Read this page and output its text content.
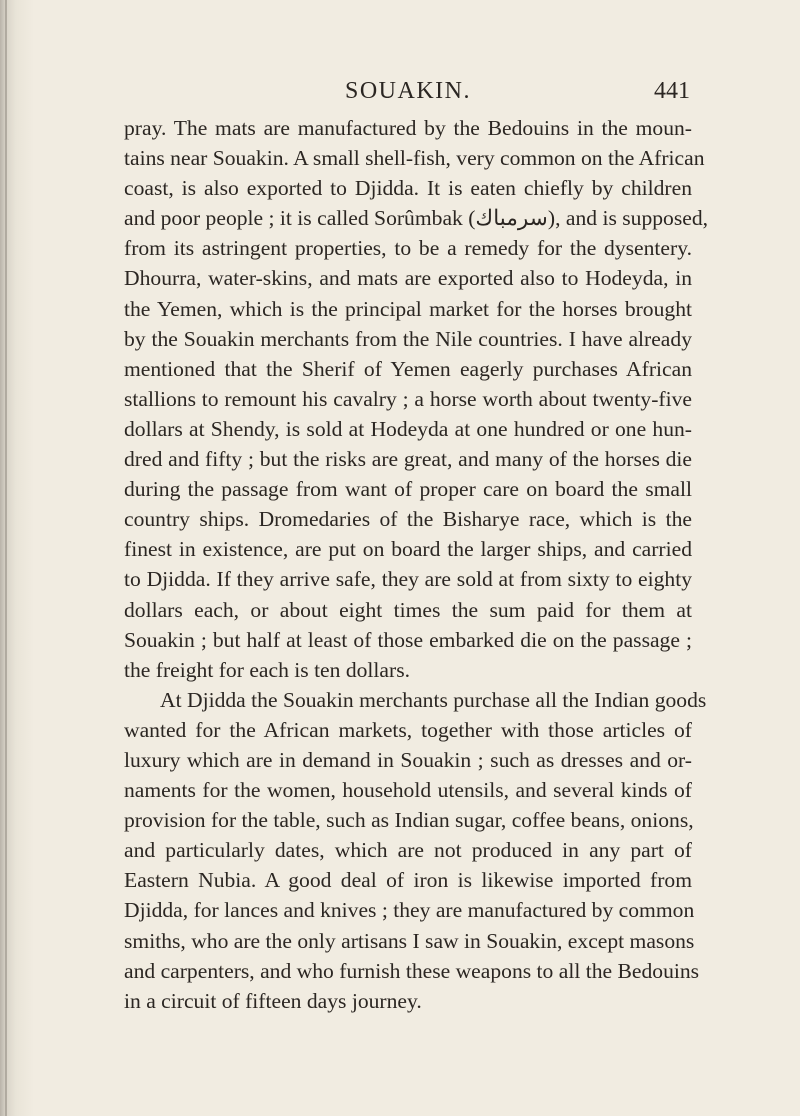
SOUAKIN.	441
pray. The mats are manufactured by the Bedouins in the moun-
tains near Souakin. A small shell-fish, very common on the African
coast, is also exported to Djidda. It is eaten chiefly by children
and poor people ; it is called Sorûmbak (سرمباك), and is supposed,
from its astringent properties, to be a remedy for the dysentery.
Dhourra, water-skins, and mats are exported also to Hodeyda, in
the Yemen, which is the principal market for the horses brought
by the Souakin merchants from the Nile countries. I have already
mentioned that the Sherif of Yemen eagerly purchases African
stallions to remount his cavalry ; a horse worth about twenty-five
dollars at Shendy, is sold at Hodeyda at one hundred or one hun-
dred and fifty ; but the risks are great, and many of the horses die
during the passage from want of proper care on board the small
country ships. Dromedaries of the Bisharye race, which is the
finest in existence, are put on board the larger ships, and carried
to Djidda. If they arrive safe, they are sold at from sixty to eighty
dollars each, or about eight times the sum paid for them at
Souakin ; but half at least of those embarked die on the passage ;
the freight for each is ten dollars.
At Djidda the Souakin merchants purchase all the Indian goods
wanted for the African markets, together with those articles of
luxury which are in demand in Souakin ; such as dresses and or-
naments for the women, household utensils, and several kinds of
provision for the table, such as Indian sugar, coffee beans, onions,
and particularly dates, which are not produced in any part of
Eastern Nubia. A good deal of iron is likewise imported from
Djidda, for lances and knives ; they are manufactured by common
smiths, who are the only artisans I saw in Souakin, except masons
and carpenters, and who furnish these weapons to all the Bedouins
in a circuit of fifteen days journey.
